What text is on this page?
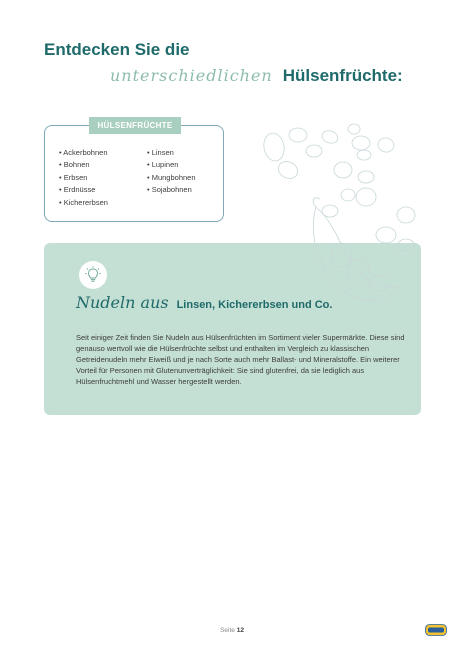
Entdecken Sie die
unterschiedlichen Hülsenfrüchte:
HÜLSENFRÜCHTE
• Ackerbohnen
• Bohnen
• Erbsen
• Erdnüsse
• Kichererbsen
• Linsen
• Lupinen
• Mungbohnen
• Sojabohnen
Nudeln aus Linsen, Kichererbsen und Co.

Seit einiger Zeit finden Sie Nudeln aus Hülsenfrüchten im Sortiment vieler Supermärkte. Diese sind genauso wertvoll wie die Hülsenfrüchte selbst und enthalten im Vergleich zu klassischen Getreidenudeln mehr Eiweiß und je nach Sorte auch mehr Ballast- und Mineralstoffe. Ein weiterer Vorteil für Personen mit Glutenunverträglichkeit: Sie sind glutenfrei, da sie lediglich aus Hülsenfruchtmehl und Wasser hergestellt werden.

Seite 12
